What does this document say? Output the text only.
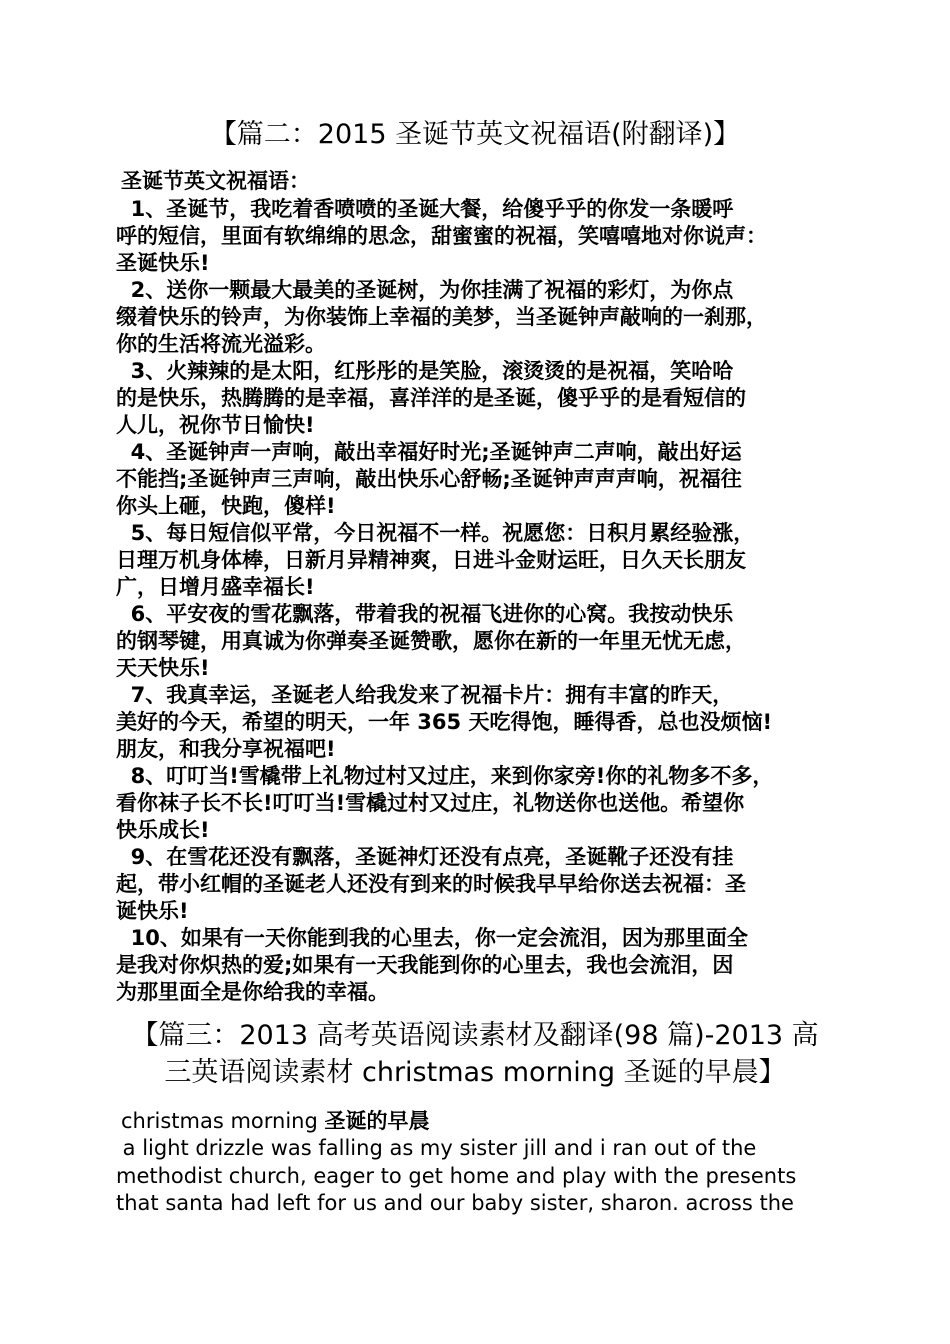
【篇二：2015 圣诞节英文祝福语(附翻译)】
圣诞节英文祝福语：
1、圣诞节，我吃着香喷喷的圣诞大餐，给傻乎乎的你发一条暖呼
呼的短信，里面有软绵绵的思念，甜蜜蜜的祝福，笑嘻嘻地对你说声：
圣诞快乐!
2、送你一颗最大最美的圣诞树，为你挂满了祝福的彩灯，为你点
缀着快乐的铃声，为你装饰上幸福的美梦，当圣诞钟声敲响的一刹那，
你的生活将流光溢彩。
3、火辣辣的是太阳，红彤彤的是笑脸，滚烫烫的是祝福，笑哈哈
的是快乐，热腾腾的是幸福，喜洋洋的是圣诞，傻乎乎的是看短信的
人儿，祝你节日愉快!
4、圣诞钟声一声响，敲出幸福好时光;圣诞钟声二声响，敲出好运
不能挡;圣诞钟声三声响，敲出快乐心舒畅;圣诞钟声声声响，祝福往
你头上砸，快跑，傻样!
5、每日短信似平常，今日祝福不一样。祝愿您：日积月累经验涨，
日理万机身体棒，日新月异精神爽，日进斗金财运旺，日久天长朋友
广，日增月盛幸福长!
6、平安夜的雪花飘落，带着我的祝福飞进你的心窝。我按动快乐
的钢琴键，用真诚为你弹奏圣诞赞歌，愿你在新的一年里无忧无虑，
天天快乐!
7、我真幸运，圣诞老人给我发来了祝福卡片：拥有丰富的昨天，
美好的今天，希望的明天，一年 365 天吃得饱，睡得香，总也没烦恼!
朋友，和我分享祝福吧!
8、叮叮当!雪橇带上礼物过村又过庄，来到你家旁!你的礼物多不多，
看你袜子长不长!叮叮当!雪橇过村又过庄，礼物送你也送他。希望你
快乐成长!
9、在雪花还没有飘落，圣诞神灯还没有点亮，圣诞靴子还没有挂
起，带小红帽的圣诞老人还没有到来的时候我早早给你送去祝福：圣
诞快乐!
10、如果有一天你能到我的心里去，你一定会流泪，因为那里面全
是我对你炽热的爱;如果有一天我能到你的心里去，我也会流泪，因
为那里面全是你给我的幸福。
【篇三：2013 高考英语阅读素材及翻译(98 篇)-2013 高
三英语阅读素材 christmas morning 圣诞的早晨】
christmas morning 圣诞的早晨
a light drizzle was falling as my sister jill and i ran out of the
methodist church, eager to get home and play with the presents
that santa had left for us and our baby sister, sharon. across the
